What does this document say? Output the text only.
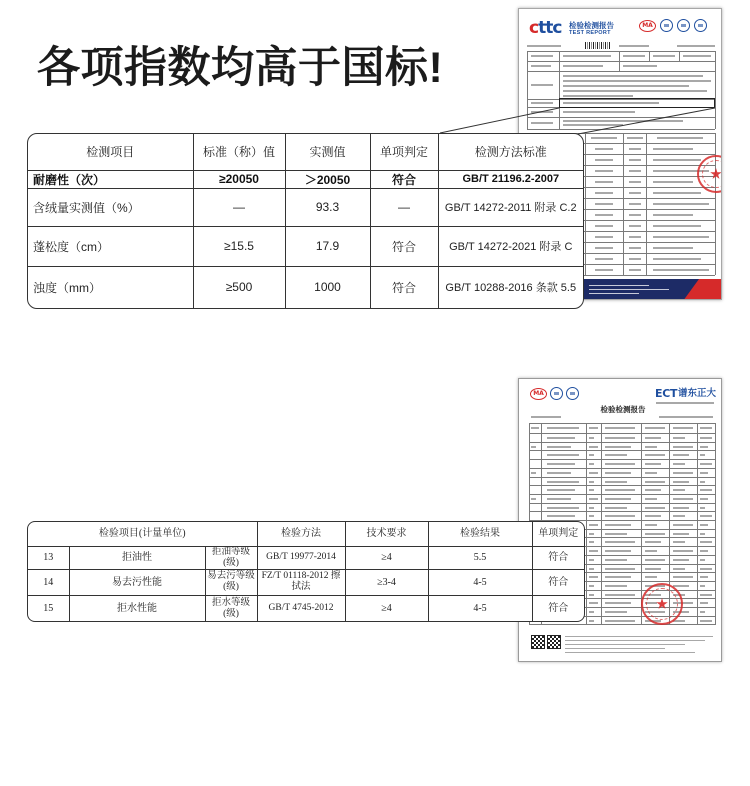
各项指数均高于国标!
cttc 检验检测报告
TEST REPORT
MA
检测项目	标准（称）值	实测值	单项判定	检测方法标准
耐磨性（次）	≥20050	＞20050	符合	GB/T 21196.2-2007
含绒量实测值（%）	—	93.3	—	GB/T 14272-2011 附录 C.2
蓬松度（cm）	≥15.5	17.9	符合	GB/T 14272-2021 附录 C
浊度（mm）	≥500	1000	符合	GB/T 10288-2016 条款 5.5
MA	ECT 谱东正大
检验检测报告
检验项目(计量单位)			检验方法	技术要求	检验结果	单项判定
13	拒油性	拒油等级(级)	GB/T 19977-2014	≥4	5.5	符合
14	易去污性能	易去污等级(级)	FZ/T 01118-2012 擦拭法	≥3-4	4-5	符合
15	拒水性能	拒水等级(级)	GB/T 4745-2012	≥4	4-5	符合
